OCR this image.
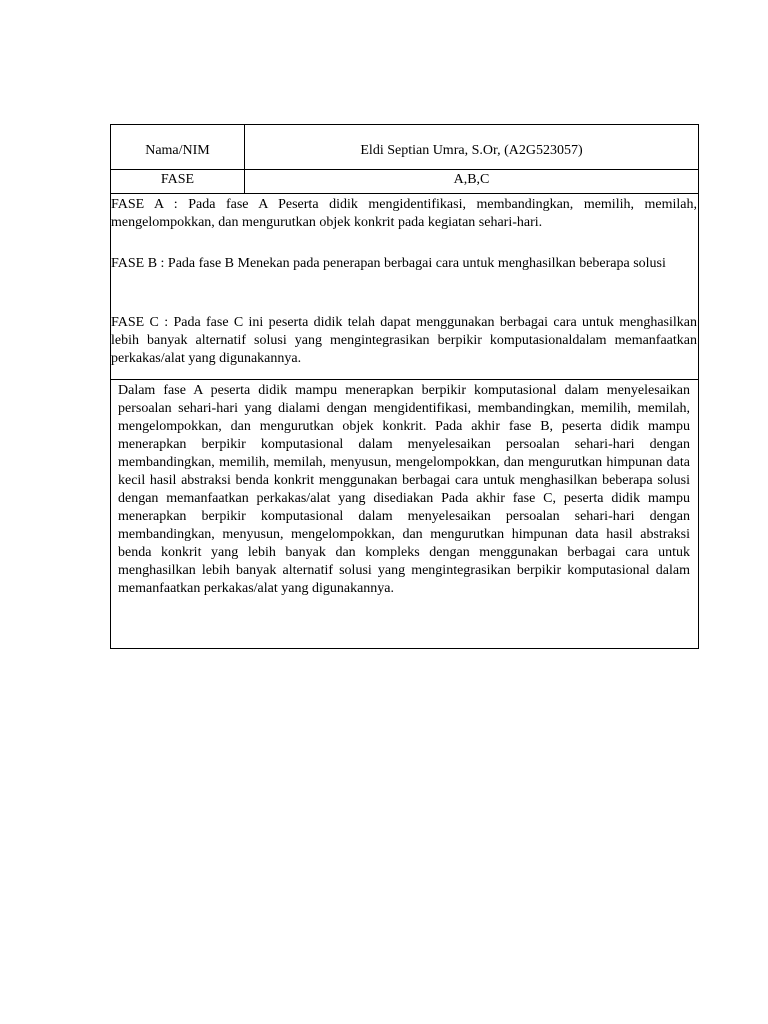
Nama/NIM	Eldi Septian Umra, S.Or, (A2G523057)
FASE	A,B,C

FASE A : Pada fase A Peserta didik mengidentifikasi, membandingkan, memilih, memilah, mengelompokkan, dan mengurutkan objek konkrit pada kegiatan sehari-hari.

FASE B : Pada fase B Menekan pada penerapan berbagai cara untuk menghasilkan beberapa solusi

FASE C : Pada fase C ini peserta didik telah dapat menggunakan berbagai cara untuk menghasilkan lebih banyak alternatif solusi yang mengintegrasikan berpikir komputasionaldalam memanfaatkan perkakas/alat yang digunakannya.

Dalam fase A peserta didik mampu menerapkan berpikir komputasional dalam menyelesaikan persoalan sehari-hari yang dialami dengan mengidentifikasi, membandingkan, memilih, memilah, mengelompokkan, dan mengurutkan objek konkrit. Pada akhir fase B, peserta didik mampu menerapkan berpikir komputasional dalam menyelesaikan persoalan sehari-hari dengan membandingkan, memilih, memilah, menyusun, mengelompokkan, dan mengurutkan himpunan data kecil hasil abstraksi benda konkrit menggunakan berbagai cara untuk menghasilkan beberapa solusi dengan memanfaatkan perkakas/alat yang disediakan Pada akhir fase C, peserta didik mampu menerapkan berpikir komputasional dalam menyelesaikan persoalan sehari-hari dengan membandingkan, menyusun, mengelompokkan, dan mengurutkan himpunan data hasil abstraksi benda konkrit yang lebih banyak dan kompleks dengan menggunakan berbagai cara untuk menghasilkan lebih banyak alternatif solusi yang mengintegrasikan berpikir komputasional dalam memanfaatkan perkakas/alat yang digunakannya.
